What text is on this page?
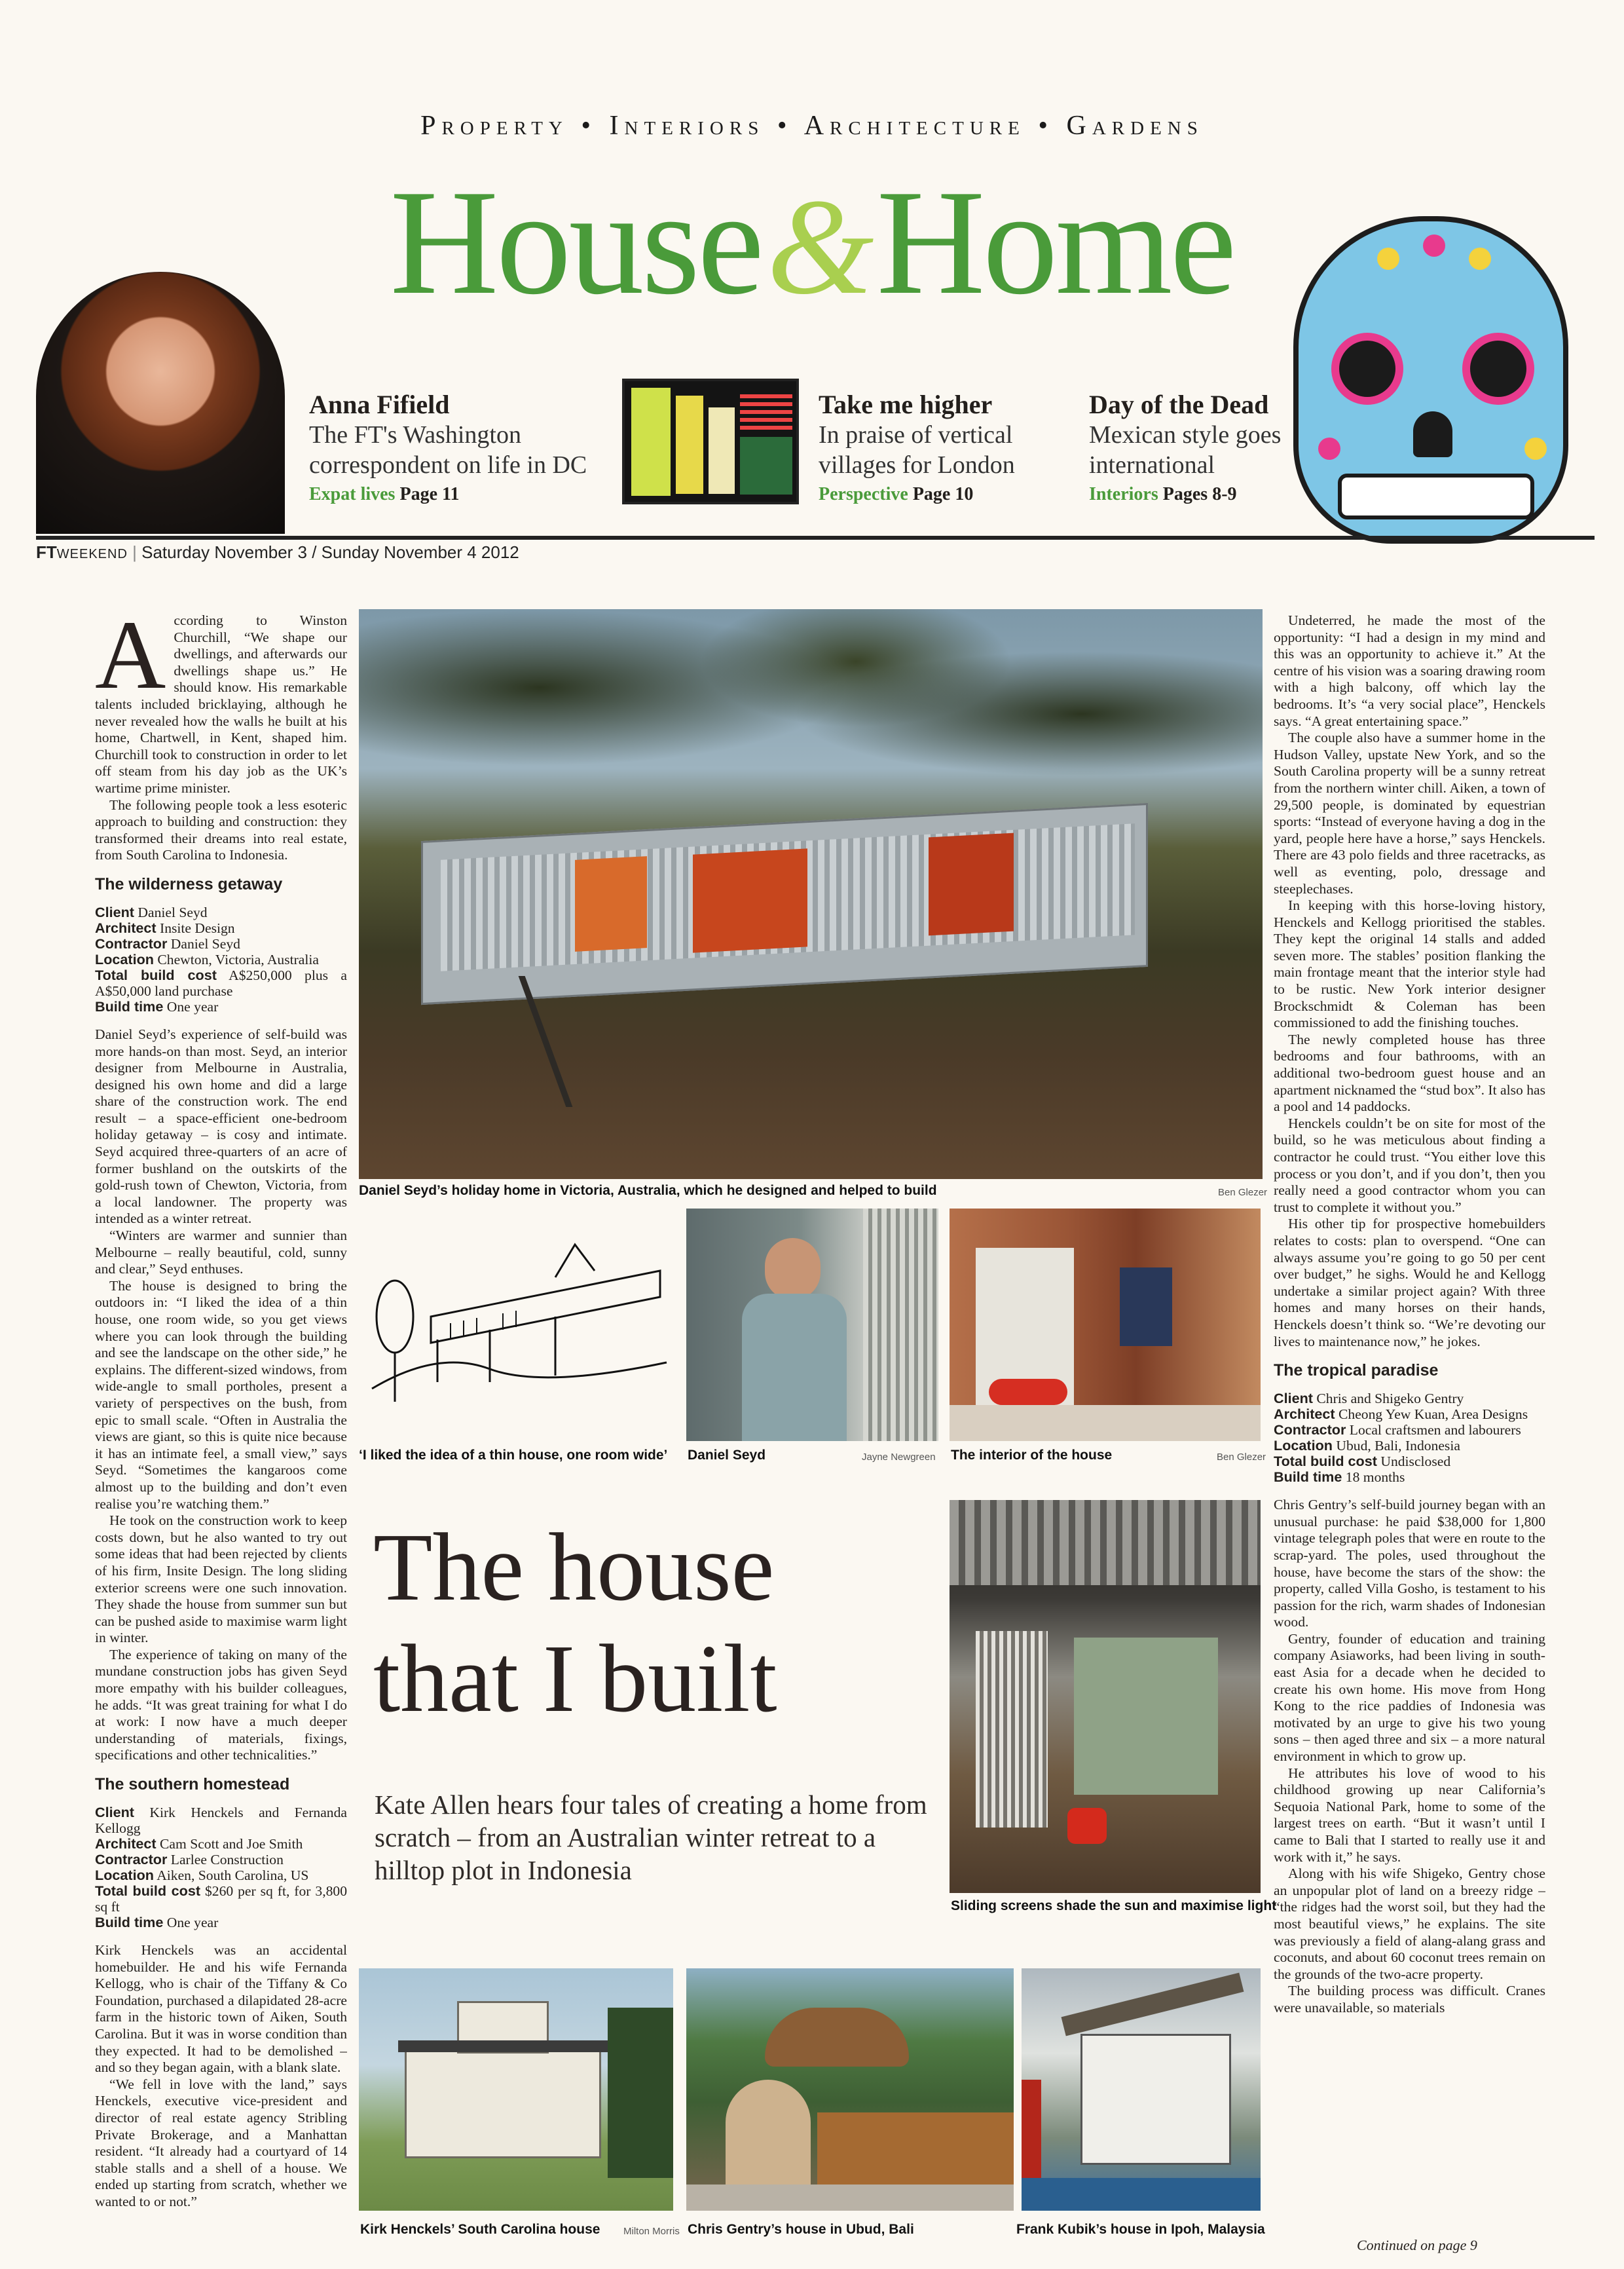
Property • Interiors • Architecture • Gardens
House&Home
Anna Fifield
The FT's Washington
correspondent on life in DC
Expat lives Page 11
Take me higher
In praise of vertical
villages for London
Perspective Page 10
Day of the Dead
Mexican style goes
international
Interiors Pages 8-9
FTWEEKEND | Saturday November 3 / Sunday November 4 2012

According to Winston Churchill, “We shape our dwellings, and afterwards our dwellings shape us.” He should know. His remarkable talents included bricklaying, although he never revealed how the walls he built at his home, Chartwell, in Kent, shaped him. Churchill took to construction in order to let off steam from his day job as the UK’s wartime prime minister.

The following people took a less esoteric approach to building and construction: they transformed their dreams into real estate, from South Carolina to Indonesia.

The wilderness getaway
Client Daniel Seyd
Architect Insite Design
Contractor Daniel Seyd
Location Chewton, Victoria, Australia
Total build cost A$250,000 plus a A$50,000 land purchase
Build time One year

Daniel Seyd’s experience of self-build was more hands-on than most. Seyd, an interior designer from Melbourne in Australia, designed his own home and did a large share of the construction work. The end result – a space-efficient one-bedroom holiday getaway – is cosy and intimate. Seyd acquired three-quarters of an acre of former bushland on the outskirts of the gold-rush town of Chewton, Victoria, from a local landowner. The property was intended as a winter retreat.

“Winters are warmer and sunnier than Melbourne – really beautiful, cold, sunny and clear,” Seyd enthuses.

The house is designed to bring the outdoors in: “I liked the idea of a thin house, one room wide, so you get views where you can look through the building and see the landscape on the other side,” he explains. The different-sized windows, from wide-angle to small portholes, present a variety of perspectives on the bush, from epic to small scale. “Often in Australia the views are giant, so this is quite nice because it has an intimate feel, a small view,” says Seyd. “Sometimes the kangaroos come almost up to the building and don’t even realise you’re watching them.”

He took on the construction work to keep costs down, but he also wanted to try out some ideas that had been rejected by clients of his firm, Insite Design. The long sliding exterior screens were one such innovation. They shade the house from summer sun but can be pushed aside to maximise warm light in winter.

The experience of taking on many of the mundane construction jobs has given Seyd more empathy with his builder colleagues, he adds. “It was great training for what I do at work: I now have a much deeper understanding of materials, fixings, specifications and other technicalities.”

The southern homestead
Client Kirk Henckels and Fernanda Kellogg
Architect Cam Scott and Joe Smith
Contractor Larlee Construction
Location Aiken, South Carolina, US
Total build cost $260 per sq ft, for 3,800 sq ft
Build time One year

Kirk Henckels was an accidental homebuilder. He and his wife Fernanda Kellogg, who is chair of the Tiffany & Co Foundation, purchased a dilapidated 28-acre farm in the historic town of Aiken, South Carolina. But it was in worse condition than they expected. It had to be demolished – and so they began again, with a blank slate.

“We fell in love with the land,” says Henckels, executive vice-president and director of real estate agency Stribling Private Brokerage, and a Manhattan resident. “It already had a courtyard of 14 stable stalls and a shell of a house. We ended up starting from scratch, whether we wanted to or not.”

Undeterred, he made the most of the opportunity: “I had a design in my mind and this was an opportunity to achieve it.” At the centre of his vision was a soaring drawing room with a high balcony, off which lay the bedrooms. It’s “a very social place”, Henckels says. “A great entertaining space.”

The couple also have a summer home in the Hudson Valley, upstate New York, and so the South Carolina property will be a sunny retreat from the northern winter chill. Aiken, a town of 29,500 people, is dominated by equestrian sports: “Instead of everyone having a dog in the yard, people here have a horse,” says Henckels. There are 43 polo fields and three racetracks, as well as eventing, polo, dressage and steeplechases.

In keeping with this horse-loving history, Henckels and Kellogg prioritised the stables. They kept the original 14 stalls and added seven more. The stables’ position flanking the main frontage meant that the interior style had to be rustic. New York interior designer Brockschmidt & Coleman has been commissioned to add the finishing touches.

The newly completed house has three bedrooms and four bathrooms, with an additional two-bedroom guest house and an apartment nicknamed the “stud box”. It also has a pool and 14 paddocks.

Henckels couldn’t be on site for most of the build, so he was meticulous about finding a contractor he could trust. “You either love this process or you don’t, and if you don’t, then you really need a good contractor whom you can trust to complete it without you.”

His other tip for prospective homebuilders relates to costs: plan to overspend. “One can always assume you’re going to go 50 per cent over budget,” he sighs. Would he and Kellogg undertake a similar project again? With three homes and many horses on their hands, Henckels doesn’t think so. “We’re devoting our lives to maintenance now,” he jokes.

The tropical paradise
Client Chris and Shigeko Gentry
Architect Cheong Yew Kuan, Area Designs
Contractor Local craftsmen and labourers
Location Ubud, Bali, Indonesia
Total build cost Undisclosed
Build time 18 months

Chris Gentry’s self-build journey began with an unusual purchase: he paid $38,000 for 1,800 vintage telegraph poles that were en route to the scrap-yard. The poles, used throughout the house, have become the stars of the show: the property, called Villa Gosho, is testament to his passion for the rich, warm shades of Indonesian wood.

Gentry, founder of education and training company Asiaworks, had been living in south-east Asia for a decade when he decided to create his own home. His move from Hong Kong to the rice paddies of Indonesia was motivated by an urge to give his two young sons – then aged three and six – a more natural environment in which to grow up.

He attributes his love of wood to his childhood growing up near California’s Sequoia National Park, home to some of the largest trees on earth. “But it wasn’t until I came to Bali that I started to really use it and work with it,” he says.

Along with his wife Shigeko, Gentry chose an unpopular plot of land on a breezy ridge – “the ridges had the worst soil, but they had the most beautiful views,” he explains. The site was previously a field of alang-alang grass and coconuts, and about 60 coconut trees remain on the grounds of the two-acre property.

The building process was difficult. Cranes were unavailable, so materials

Continued on page 9
Daniel Seyd’s holiday home in Victoria, Australia, which he designed and helped to build	Ben Glezer
‘I liked the idea of a thin house, one room wide’ Daniel Seyd	Jayne Newgreen The interior of the house	Ben Glezer
The house
that I built
Kate Allen hears four tales of creating a home from scratch – from an Australian winter retreat to a hilltop plot in Indonesia
Sliding screens shade the sun and maximise light
Kirk Henckels’ South Carolina house Milton Morris Chris Gentry’s house in Ubud, Bali	Frank Kubik’s house in Ipoh, Malaysia
